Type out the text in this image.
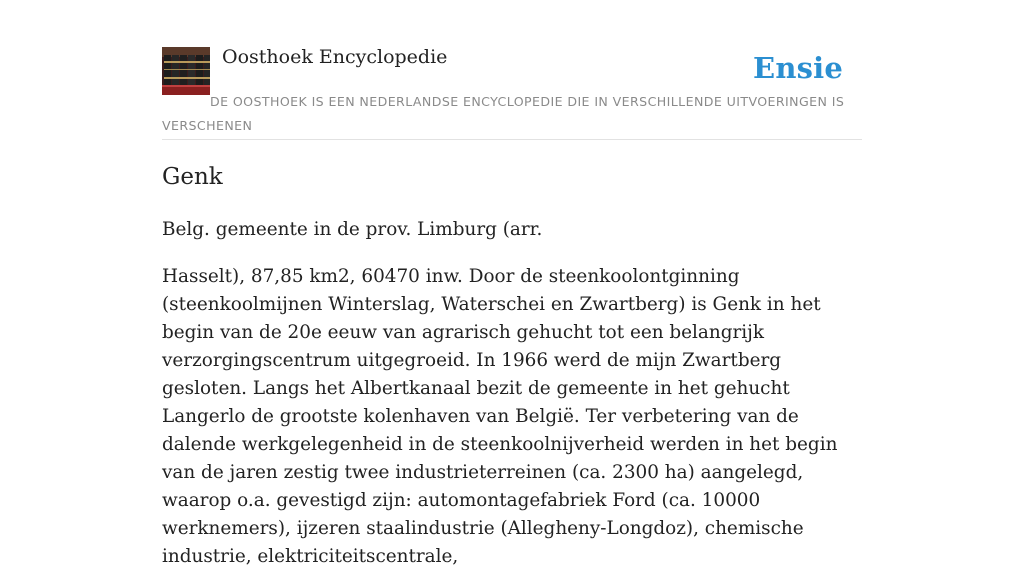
Oosthoek Encyclopedie	Ensie
DE OOSTHOEK IS EEN NEDERLANDSE ENCYCLOPEDIE DIE IN VERSCHILLENDE UITVOERINGEN IS VERSCHENEN
Genk

Belg. gemeente in de prov. Limburg (arr.

Hasselt), 87,85 km2, 60470 inw. Door de steenkoolontginning (steenkoolmijnen Winterslag, Waterschei en Zwartberg) is Genk in het begin van de 20e eeuw van agrarisch gehucht tot een belangrijk verzorgingscentrum uitgegroeid. In 1966 werd de mijn Zwartberg gesloten. Langs het Albertkanaal bezit de gemeente in het gehucht Langerlo de grootste kolenhaven van België. Ter verbetering van de dalende werkgelegenheid in de steenkoolnijverheid werden in het begin van de jaren zestig twee industrieterreinen (ca. 2300 ha) aangelegd, waarop o.a. gevestigd zijn: automontagefabriek Ford (ca. 10000 werknemers), ijzeren staalindustrie (Allegheny-Longdoz), chemische industrie, elektriciteitscentrale,
